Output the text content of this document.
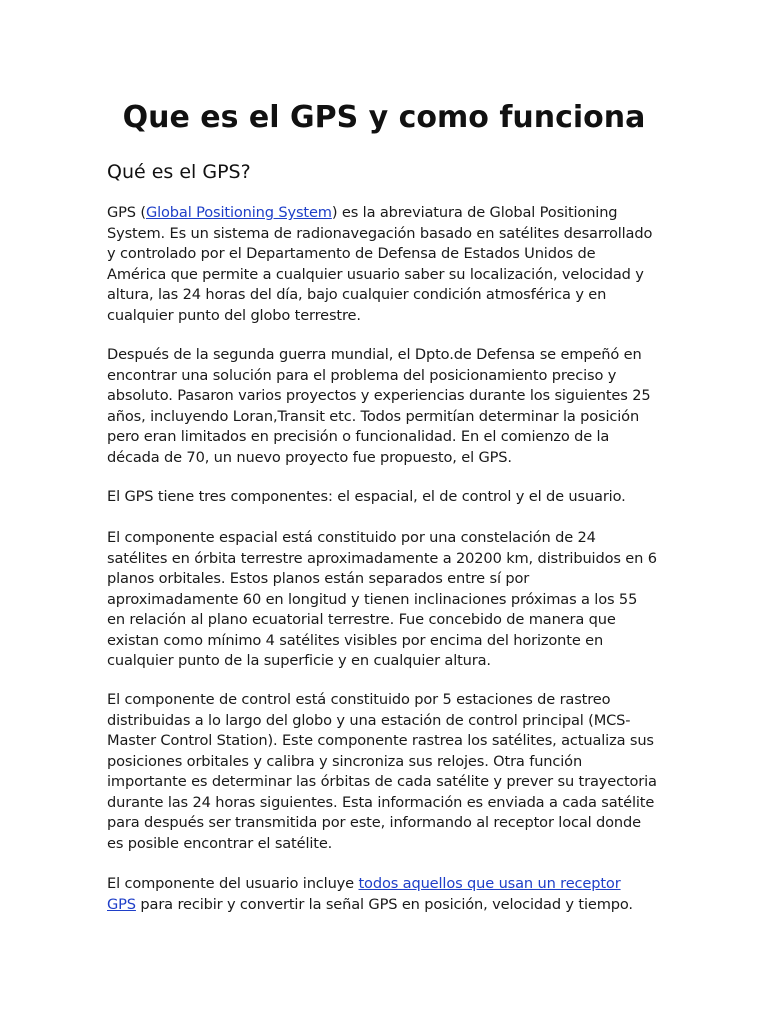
Que es el GPS y como funciona
Qué es el GPS?

GPS (Global Positioning System) es la abreviatura de Global Positioning
System. Es un sistema de radionavegación basado en satélites desarrollado
y controlado por el Departamento de Defensa de Estados Unidos de
América que permite a cualquier usuario saber su localización, velocidad y
altura, las 24 horas del día, bajo cualquier condición atmosférica y en
cualquier punto del globo terrestre.

Después de la segunda guerra mundial, el Dpto.de Defensa se empeñó en
encontrar una solución para el problema del posicionamiento preciso y
absoluto. Pasaron varios proyectos y experiencias durante los siguientes 25
años, incluyendo Loran,Transit etc. Todos permitían determinar la posición
pero eran limitados en precisión o funcionalidad. En el comienzo de la
década de 70, un nuevo proyecto fue propuesto, el GPS.

El GPS tiene tres componentes: el espacial, el de control y el de usuario.

El componente espacial está constituido por una constelación de 24
satélites en órbita terrestre aproximadamente a 20200 km, distribuidos en 6
planos orbitales. Estos planos están separados entre sí por
aproximadamente 60 en longitud y tienen inclinaciones próximas a los 55
en relación al plano ecuatorial terrestre. Fue concebido de manera que
existan como mínimo 4 satélites visibles por encima del horizonte en
cualquier punto de la superficie y en cualquier altura.

El componente de control está constituido por 5 estaciones de rastreo
distribuidas a lo largo del globo y una estación de control principal (MCS-
Master Control Station). Este componente rastrea los satélites, actualiza sus
posiciones orbitales y calibra y sincroniza sus relojes. Otra función
importante es determinar las órbitas de cada satélite y prever su trayectoria
durante las 24 horas siguientes. Esta información es enviada a cada satélite
para después ser transmitida por este, informando al receptor local donde
es posible encontrar el satélite.

El componente del usuario incluye todos aquellos que usan un receptor
GPS para recibir y convertir la señal GPS en posición, velocidad y tiempo.
